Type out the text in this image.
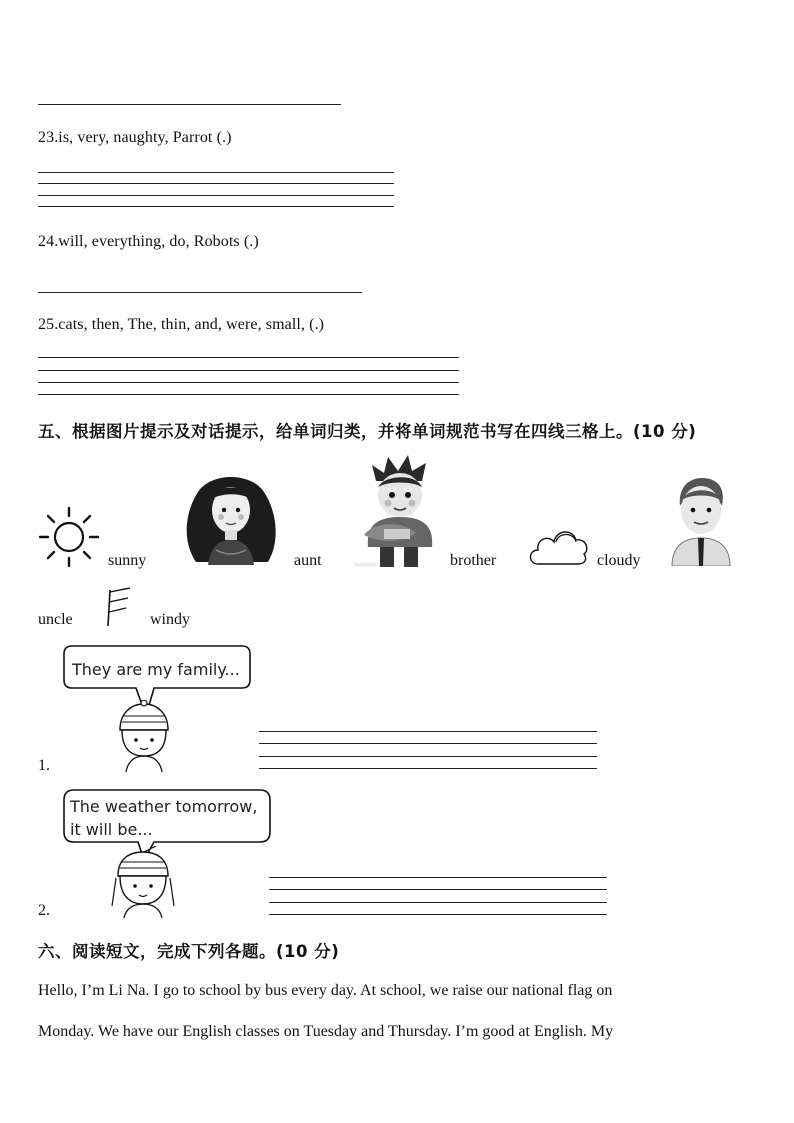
23.is, very, naughty, Parrot (.)
24.will, everything, do, Robots (.)
25.cats, then, The, thin, and, were, small, (.)
五、根据图片提示及对话提示，给单词归类，并将单词规范书写在四线三格上。(10 分)
sunny	aunt	brother	cloudy
uncle	windy
They are my family...
1.
The weather tomorrow,
it will be...
2.
六、阅读短文，完成下列各题。(10 分)
Hello, I’m Li Na. I go to school by bus every day. At school, we raise our national flag on
Monday. We have our English classes on Tuesday and Thursday. I’m good at English. My
